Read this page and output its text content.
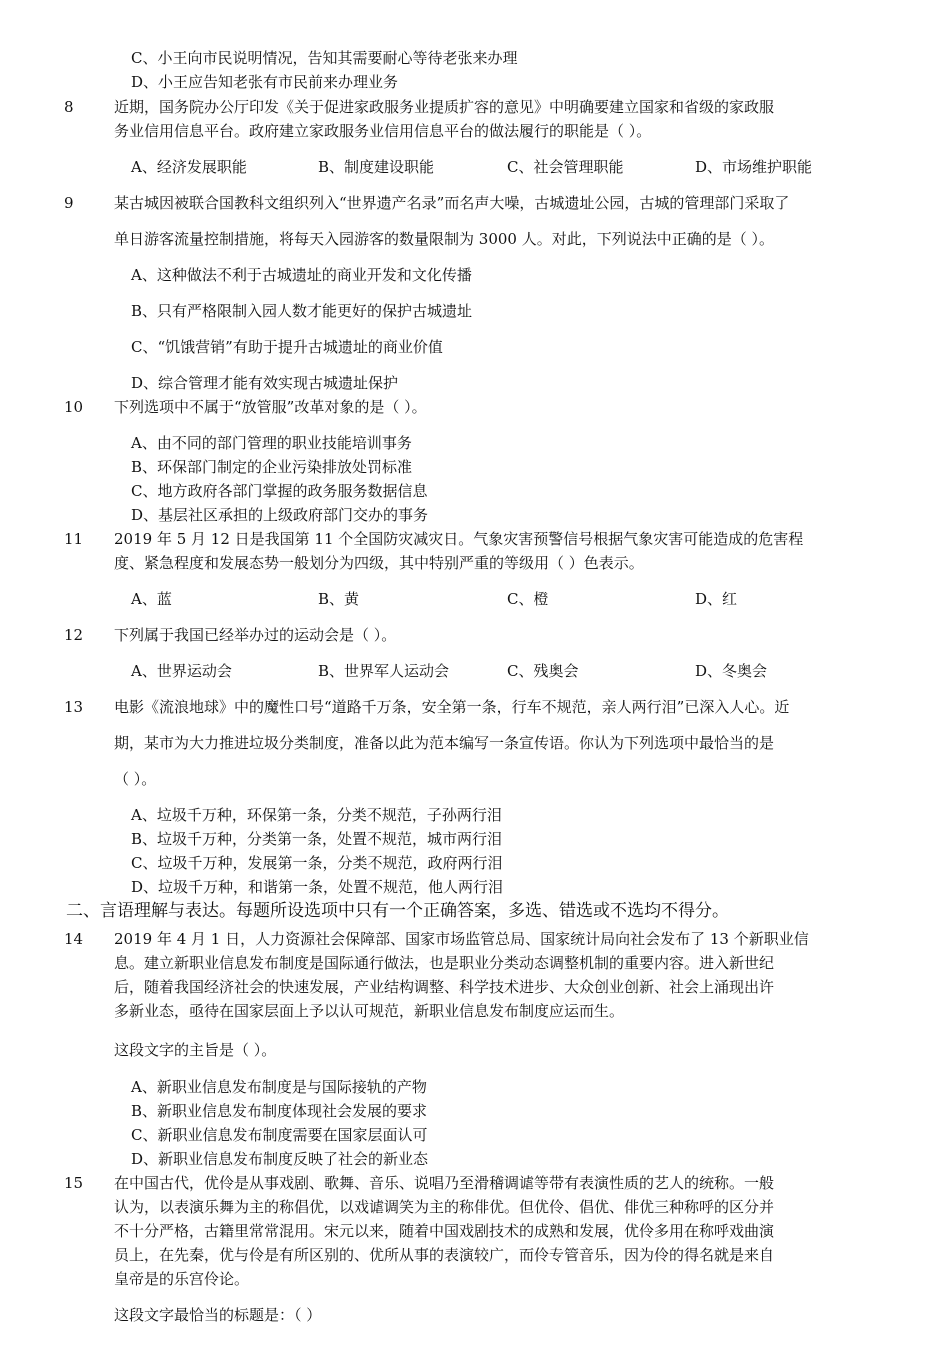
C、小王向市民说明情况，告知其需要耐心等待老张来办理
D、小王应告知老张有市民前来办理业务
8	近期，国务院办公厅印发《关于促进家政服务业提质扩容的意见》中明确要建立国家和省级的家政服
务业信用信息平台。政府建立家政服务业信用信息平台的做法履行的职能是（ ）。
A、经济发展职能	B、制度建设职能	C、社会管理职能	D、市场维护职能
9	某古城因被联合国教科文组织列入“世界遗产名录”而名声大噪，古城遗址公园，古城的管理部门采取了
单日游客流量控制措施，将每天入园游客的数量限制为 3000 人。对此，下列说法中正确的是（ ）。
A、这种做法不利于古城遗址的商业开发和文化传播
B、只有严格限制入园人数才能更好的保护古城遗址
C、“饥饿营销”有助于提升古城遗址的商业价值
D、综合管理才能有效实现古城遗址保护
10 下列选项中不属于“放管服”改革对象的是（ ）。
A、由不同的部门管理的职业技能培训事务
B、环保部门制定的企业污染排放处罚标准
C、地方政府各部门掌握的政务服务数据信息
D、基层社区承担的上级政府部门交办的事务
11 2019 年 5 月 12 日是我国第 11 个全国防灾减灾日。气象灾害预警信号根据气象灾害可能造成的危害程
度、紧急程度和发展态势一般划分为四级，其中特别严重的等级用（ ）色表示。
A、蓝	B、黄	C、橙	D、红
12 下列属于我国已经举办过的运动会是（ ）。
A、世界运动会	B、世界军人运动会	C、残奥会	D、冬奥会
13 电影《流浪地球》中的魔性口号“道路千万条，安全第一条，行车不规范，亲人两行泪”已深入人心。近
期，某市为大力推进垃圾分类制度，准备以此为范本编写一条宣传语。你认为下列选项中最恰当的是
（ ）。
A、垃圾千万种，环保第一条，分类不规范，子孙两行泪
B、垃圾千万种，分类第一条，处置不规范，城市两行泪
C、垃圾千万种，发展第一条，分类不规范，政府两行泪
D、垃圾千万种，和谐第一条，处置不规范，他人两行泪
二、言语理解与表达。每题所设选项中只有一个正确答案，多选、错选或不选均不得分。
14 2019 年 4 月 1 日，人力资源社会保障部、国家市场监管总局、国家统计局向社会发布了 13 个新职业信
息。建立新职业信息发布制度是国际通行做法，也是职业分类动态调整机制的重要内容。进入新世纪
后，随着我国经济社会的快速发展，产业结构调整、科学技术进步、大众创业创新、社会上涌现出许
多新业态，亟待在国家层面上予以认可规范，新职业信息发布制度应运而生。
这段文字的主旨是（ ）。
A、新职业信息发布制度是与国际接轨的产物
B、新职业信息发布制度体现社会发展的要求
C、新职业信息发布制度需要在国家层面认可
D、新职业信息发布制度反映了社会的新业态
15 在中国古代，优伶是从事戏剧、歌舞、音乐、说唱乃至滑稽调谑等带有表演性质的艺人的统称。一般
认为，以表演乐舞为主的称倡优，以戏谑调笑为主的称俳优。但优伶、倡优、俳优三种称呼的区分并
不十分严格，古籍里常常混用。宋元以来，随着中国戏剧技术的成熟和发展，优伶多用在称呼戏曲演
员上，在先秦，优与伶是有所区别的、优所从事的表演较广，而伶专管音乐，因为伶的得名就是来自
皇帝是的乐宫伶论。
这段文字最恰当的标题是：（ ）
